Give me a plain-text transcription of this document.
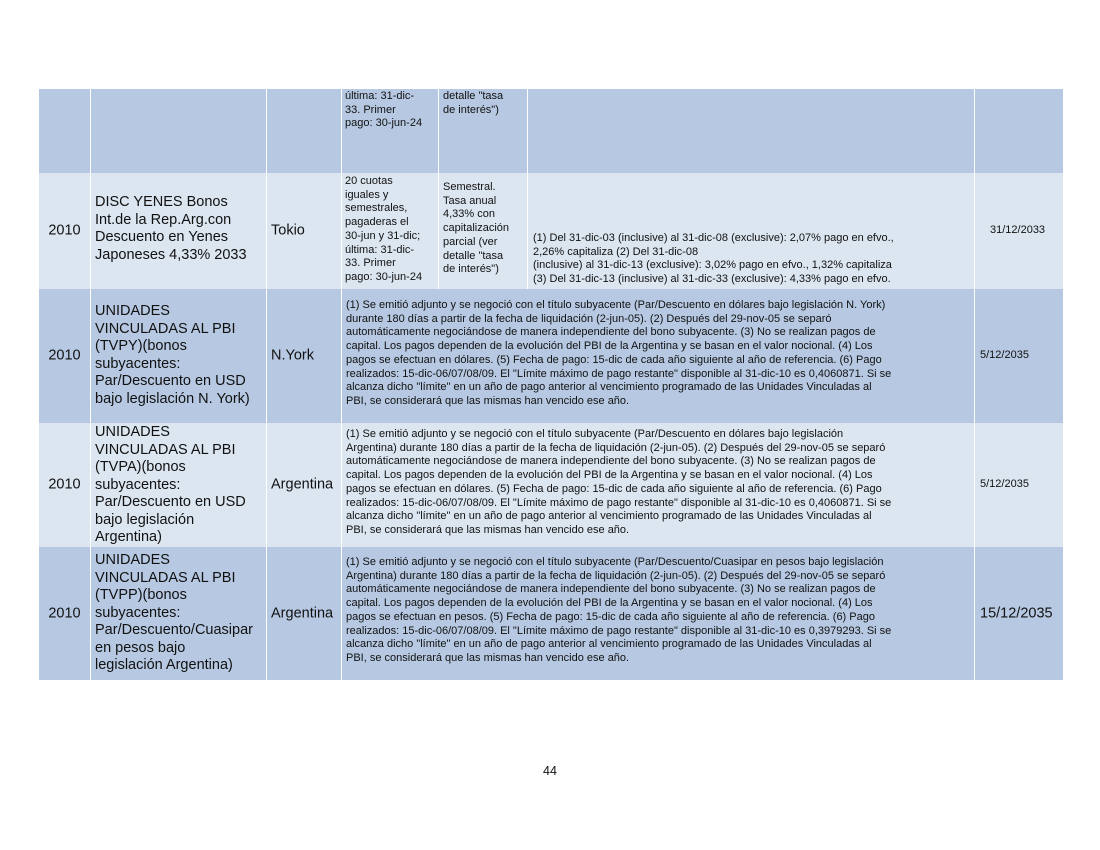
última: 31-dic-
33. Primer
pago: 30-jun-24
detalle "tasa
de interés")
2010
DISC YENES Bonos
Int.de la Rep.Arg.con
Descuento en Yenes
Japoneses 4,33% 2033
Tokio
20 cuotas
iguales y
semestrales,
pagaderas el
30-jun y 31-dic;
última: 31-dic-
33. Primer
pago: 30-jun-24
Semestral.
Tasa anual
4,33% con
capitalización
parcial (ver
detalle "tasa
de interés")
(1) Del 31-dic-03 (inclusive) al 31-dic-08 (exclusive): 2,07% pago en efvo.,
2,26% capitaliza (2) Del 31-dic-08
(inclusive) al 31-dic-13 (exclusive): 3,02% pago en efvo., 1,32% capitaliza
(3) Del 31-dic-13 (inclusive) al 31-dic-33 (exclusive): 4,33% pago en efvo.
31/12/2033
2010
UNIDADES
VINCULADAS AL PBI
(TVPY)(bonos
subyacentes:
Par/Descuento en USD
bajo legislación N. York)
N.York
(1) Se emitió adjunto y se negoció con el título subyacente (Par/Descuento en dólares bajo legislación N. York)
durante 180 días a partir de la fecha de liquidación (2-jun-05). (2) Después del 29-nov-05 se separó
automáticamente negociándose de manera independiente del bono subyacente. (3) No se realizan pagos de
capital. Los pagos dependen de la evolución del PBI de la Argentina y se basan en el valor nocional. (4) Los
pagos se efectuan en dólares. (5) Fecha de pago: 15-dic de cada año siguiente al año de referencia. (6) Pago
realizados: 15-dic-06/07/08/09. El "Límite máximo de pago restante" disponible al 31-dic-10 es 0,4060871. Si se
alcanza dicho "límite" en un año de pago anterior al vencimiento programado de las Unidades Vinculadas al
PBI, se considerará que las mismas han vencido ese año.
5/12/2035
2010
UNIDADES
VINCULADAS AL PBI
(TVPA)(bonos
subyacentes:
Par/Descuento en USD
bajo legislación
Argentina)
Argentina
(1) Se emitió adjunto y se negoció con el título subyacente (Par/Descuento en dólares bajo legislación
Argentina) durante 180 días a partir de la fecha de liquidación (2-jun-05). (2) Después del 29-nov-05 se separó
automáticamente negociándose de manera independiente del bono subyacente. (3) No se realizan pagos de
capital. Los pagos dependen de la evolución del PBI de la Argentina y se basan en el valor nocional. (4) Los
pagos se efectuan en dólares. (5) Fecha de pago: 15-dic de cada año siguiente al año de referencia. (6) Pago
realizados: 15-dic-06/07/08/09. El "Límite máximo de pago restante" disponible al 31-dic-10 es 0,4060871. Si se
alcanza dicho "límite" en un año de pago anterior al vencimiento programado de las Unidades Vinculadas al
PBI, se considerará que las mismas han vencido ese año.
5/12/2035
2010
UNIDADES
VINCULADAS AL PBI
(TVPP)(bonos
subyacentes:
Par/Descuento/Cuasipar
en pesos bajo
legislación Argentina)
Argentina
(1) Se emitió adjunto y se negoció con el título subyacente (Par/Descuento/Cuasipar en pesos bajo legislación
Argentina) durante 180 días a partir de la fecha de liquidación (2-jun-05). (2) Después del 29-nov-05 se separó
automáticamente negociándose de manera independiente del bono subyacente. (3) No se realizan pagos de
capital. Los pagos dependen de la evolución del PBI de la Argentina y se basan en el valor nocional. (4) Los
pagos se efectuan en pesos. (5) Fecha de pago: 15-dic de cada año siguiente al año de referencia. (6) Pago
realizados: 15-dic-06/07/08/09. El "Límite máximo de pago restante" disponible al 31-dic-10 es 0,3979293. Si se
alcanza dicho "límite" en un año de pago anterior al vencimiento programado de las Unidades Vinculadas al
PBI, se considerará que las mismas han vencido ese año.
15/12/2035
44
